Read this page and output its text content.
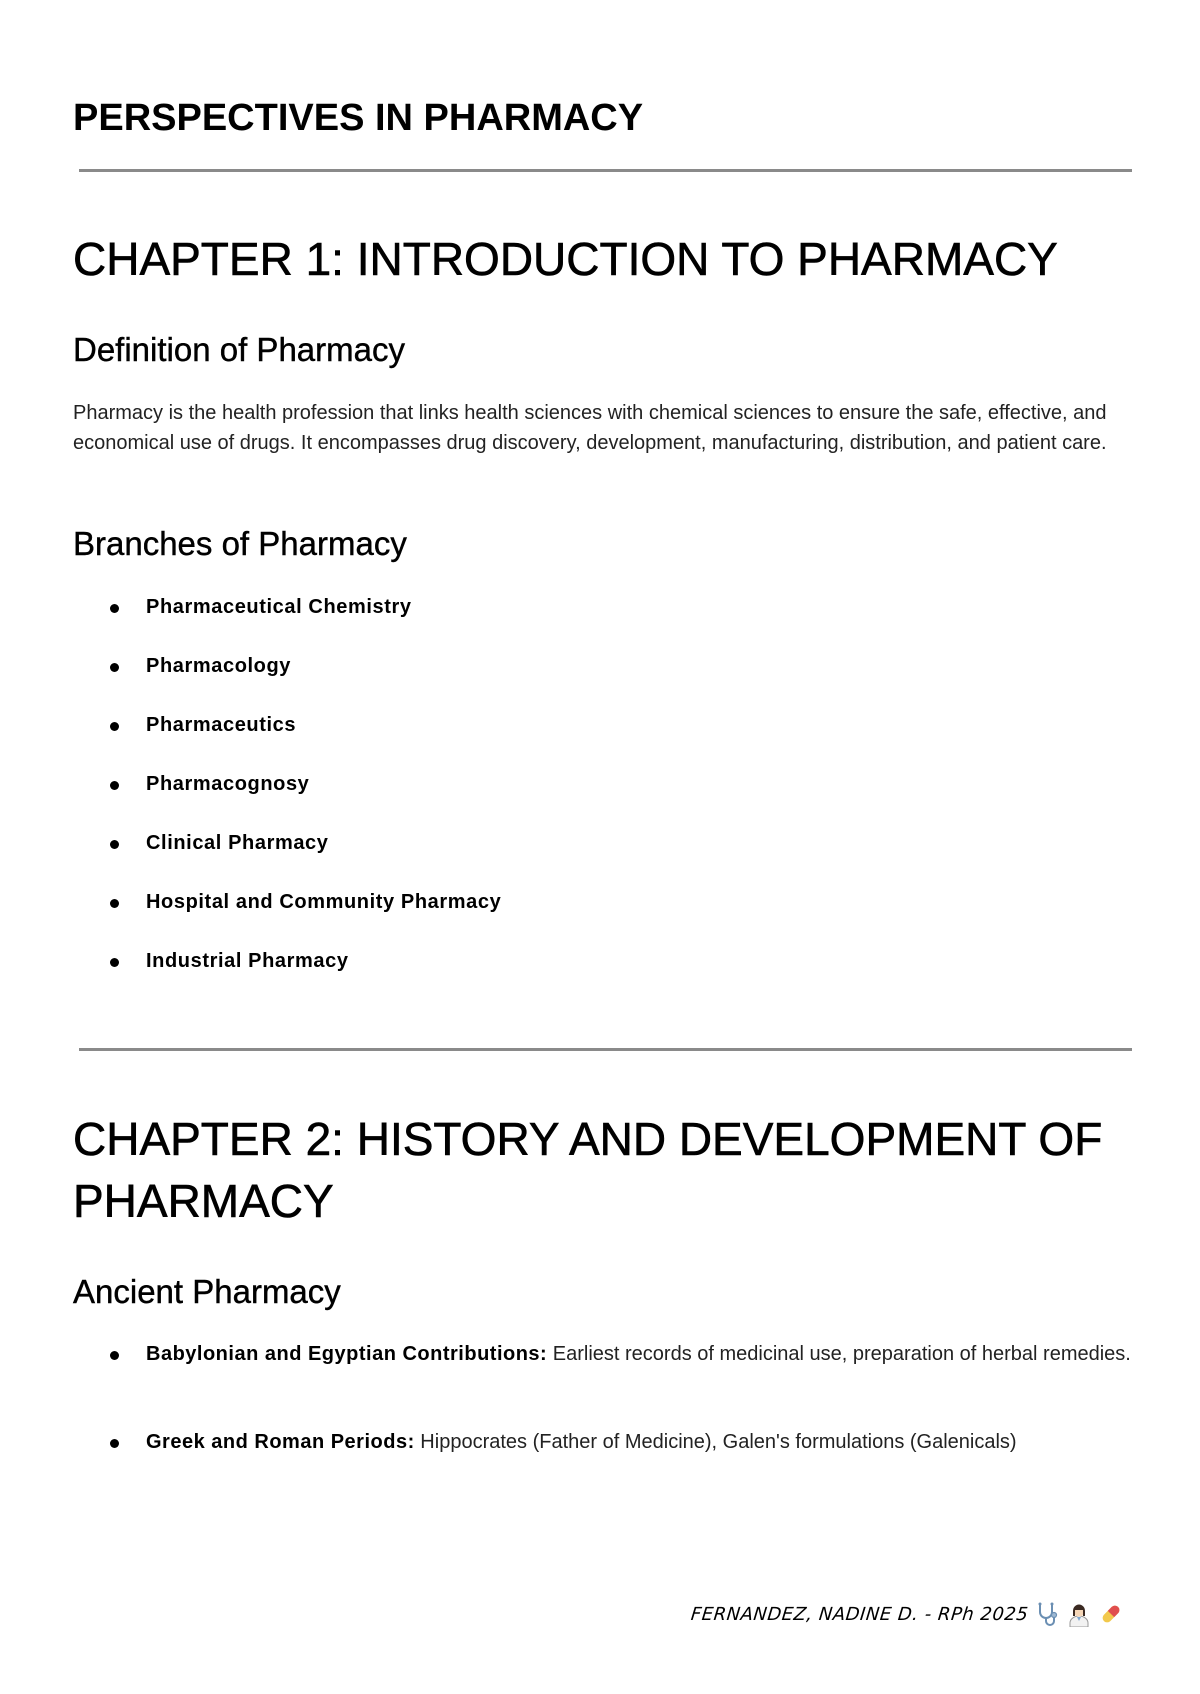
PERSPECTIVES IN PHARMACY
CHAPTER 1: INTRODUCTION TO PHARMACY
Definition of Pharmacy

Pharmacy is the health profession that links health sciences with chemical sciences to ensure the safe, effective, and economical use of drugs. It encompasses drug discovery, development, manufacturing, distribution, and patient care.

Branches of Pharmacy
Pharmaceutical Chemistry
Pharmacology
Pharmaceutics
Pharmacognosy
Clinical Pharmacy
Hospital and Community Pharmacy
Industrial Pharmacy
CHAPTER 2: HISTORY AND DEVELOPMENT OF PHARMACY
Ancient Pharmacy
Babylonian and Egyptian Contributions: Earliest records of medicinal use, preparation of herbal remedies.
Greek and Roman Periods: Hippocrates (Father of Medicine), Galen's formulations (Galenicals)
FERNANDEZ, NADINE D. - RPh 2025
